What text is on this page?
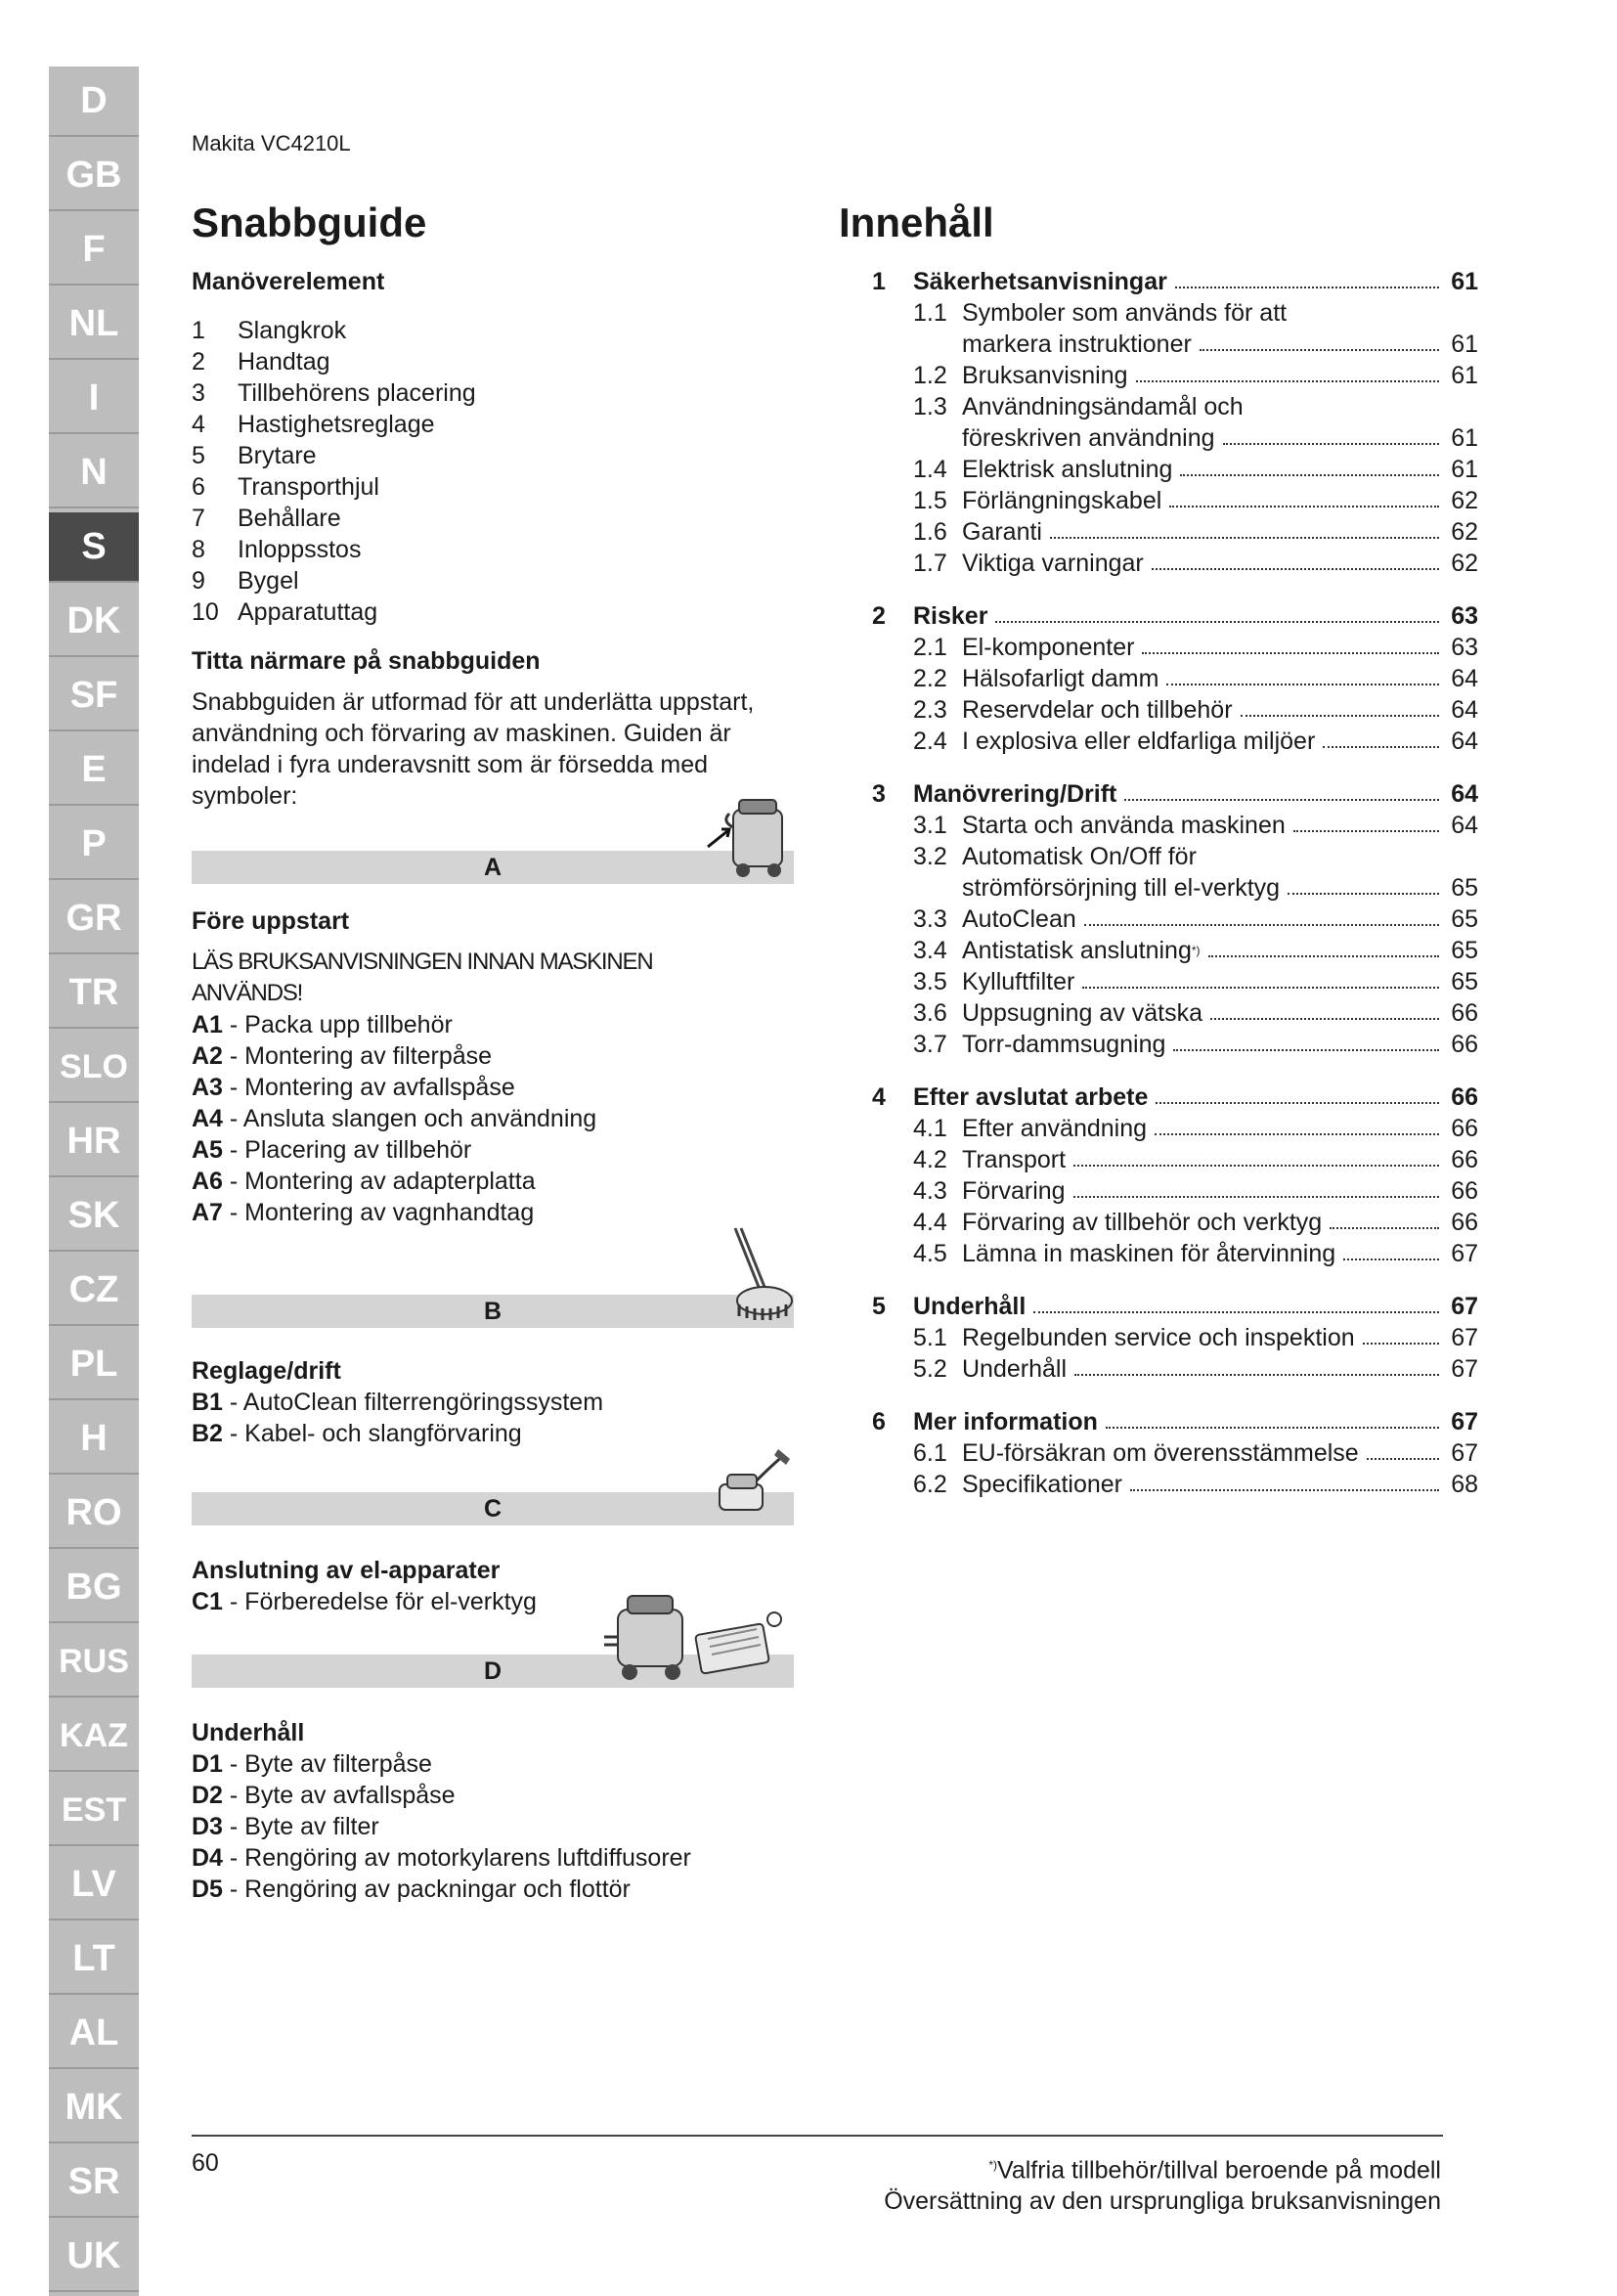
D
GB
F
NL
I
N
S
DK
SF
E
P
GR
TR
SLO
HR
SK
CZ
PL
H
RO
BG
RUS
KAZ
EST
LV
LT
AL
MK
SR
UK
Makita VC4210L
Snabbguide	Innehåll
Manöverelement
1	Slangkrok
2	Handtag
3	Tillbehörens placering
4	Hastighetsreglage
5	Brytare
6	Transporthjul
7	Behållare
8	Inloppsstos
9	Bygel
10 Apparatuttag
Titta närmare på snabbguiden
Snabbguiden är utformad för att underlätta uppstart, användning och förvaring av maskinen. Guiden är indelad i fyra underavsnitt som är försedda med symboler:
A
Före uppstart
LÄS BRUKSANVISNINGEN INNAN MASKINEN ANVÄNDS!
A1 - Packa upp tillbehör
A2 - Montering av filterpåse
A3 - Montering av avfallspåse
A4 - Ansluta slangen och användning
A5 - Placering av tillbehör
A6 - Montering av adapterplatta
A7 - Montering av vagnhandtag
B
Reglage/drift
B1 - AutoClean filterrengöringssystem
B2 - Kabel- och slangförvaring
C
Anslutning av el-apparater
C1 - Förberedelse för el-verktyg
D
Underhåll
D1 - Byte av filterpåse
D2 - Byte av avfallspåse
D3 - Byte av filter
D4 - Rengöring av motorkylarens luftdiffusorer
D5 - Rengöring av packningar och flottör
1	Säkerhetsanvisningar	61
1.1 Symboler som används för att
markera instruktioner	61
1.2 Bruksanvisning	61
1.3 Användningsändamål och
föreskriven användning	61
1.4 Elektrisk anslutning	61
1.5 Förlängningskabel	62
1.6 Garanti	62
1.7 Viktiga varningar	62
2	Risker	63
2.1 El-komponenter	63
2.2 Hälsofarligt damm	64
2.3 Reservdelar och tillbehör	64
2.4 I explosiva eller eldfarliga miljöer	64
3	Manövrering/Drift	64
3.1 Starta och använda maskinen	64
3.2 Automatisk On/Off för
strömförsörjning till el-verktyg	65
3.3 AutoClean	65
3.4 Antistatisk anslutning *)	65
3.5 Kylluftfilter	65
3.6 Uppsugning av vätska	66
3.7 Torr-dammsugning	66
4	Efter avslutat arbete	66
4.1 Efter användning	66
4.2 Transport	66
4.3 Förvaring	66
4.4 Förvaring av tillbehör och verktyg	66
4.5 Lämna in maskinen för återvinning	67
5	Underhåll	67
5.1 Regelbunden service och inspektion	67
5.2 Underhåll	67
6	Mer information	67
6.1 EU-försäkran om överensstämmelse	67
6.2 Specifikationer	68
60	*)Valfria tillbehör/tillval beroende på modell
Översättning av den ursprungliga bruksanvisningen
